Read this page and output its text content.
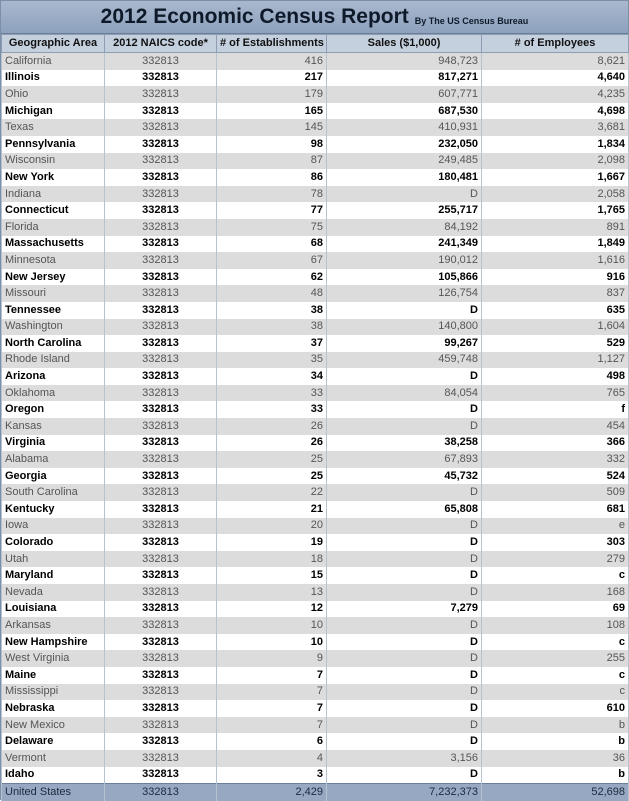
2012 Economic Census Report By The US Census Bureau
Geographic Area	2012 NAICS code*	# of Establishments	Sales ($1,000)	# of Employees
California	332813	416	948,723	8,621
Illinois	332813	217	817,271	4,640
Ohio	332813	179	607,771	4,235
Michigan	332813	165	687,530	4,698
Texas	332813	145	410,931	3,681
Pennsylvania	332813	98	232,050	1,834
Wisconsin	332813	87	249,485	2,098
New York	332813	86	180,481	1,667
Indiana	332813	78	D	2,058
Connecticut	332813	77	255,717	1,765
Florida	332813	75	84,192	891
Massachusetts	332813	68	241,349	1,849
Minnesota	332813	67	190,012	1,616
New Jersey	332813	62	105,866	916
Missouri	332813	48	126,754	837
Tennessee	332813	38	D	635
Washington	332813	38	140,800	1,604
North Carolina	332813	37	99,267	529
Rhode Island	332813	35	459,748	1,127
Arizona	332813	34	D	498
Oklahoma	332813	33	84,054	765
Oregon	332813	33	D	f
Kansas	332813	26	D	454
Virginia	332813	26	38,258	366
Alabama	332813	25	67,893	332
Georgia	332813	25	45,732	524
South Carolina	332813	22	D	509
Kentucky	332813	21	65,808	681
Iowa	332813	20	D	e
Colorado	332813	19	D	303
Utah	332813	18	D	279
Maryland	332813	15	D	c
Nevada	332813	13	D	168
Louisiana	332813	12	7,279	69
Arkansas	332813	10	D	108
New Hampshire	332813	10	D	c
West Virginia	332813	9	D	255
Maine	332813	7	D	c
Mississippi	332813	7	D	c
Nebraska	332813	7	D	610
New Mexico	332813	7	D	b
Delaware	332813	6	D	b
Vermont	332813	4	3,156	36
Idaho	332813	3	D	b
United States	332813	2,429	7,232,373	52,698
